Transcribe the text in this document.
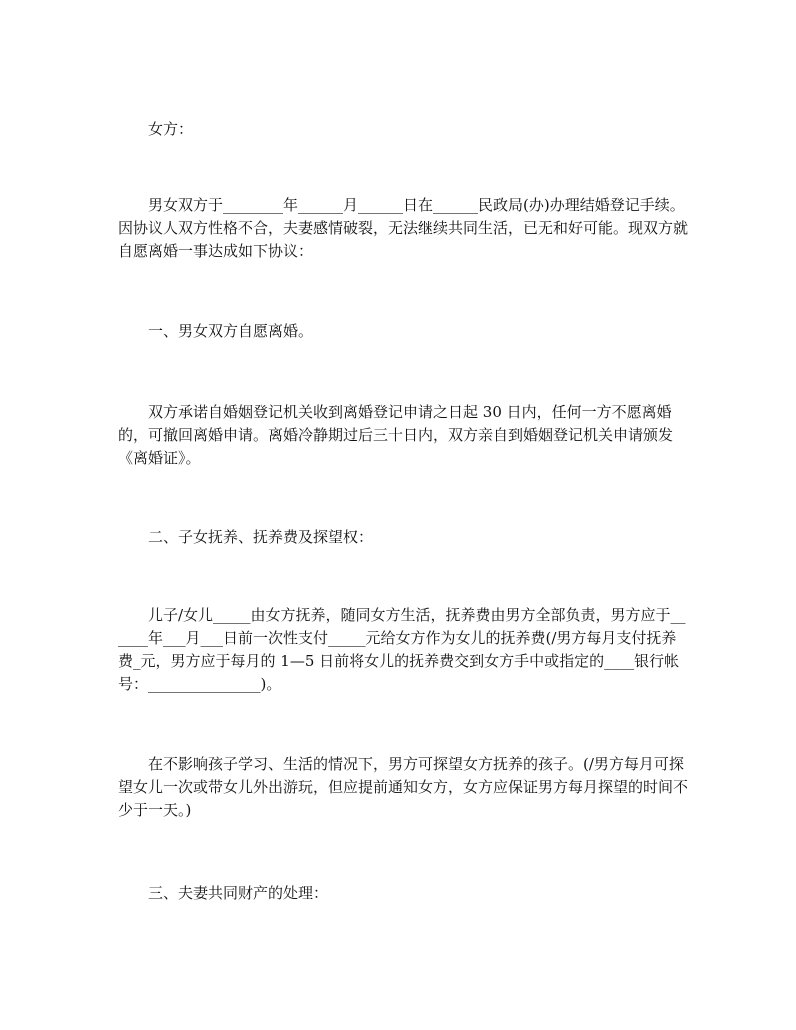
女方：

男女双方于________年______月______日在______民政局(办)办理结婚登记手续。因协议人双方性格不合，夫妻感情破裂，无法继续共同生活，已无和好可能。现双方就自愿离婚一事达成如下协议：

一、男女双方自愿离婚。

双方承诺自婚姻登记机关收到离婚登记申请之日起 30 日内，任何一方不愿离婚的，可撤回离婚申请。离婚冷静期过后三十日内，双方亲自到婚姻登记机关申请颁发《离婚证》。

二、子女抚养、抚养费及探望权：

儿子/女儿_____由女方抚养，随同女方生活，抚养费由男方全部负责，男方应于______年___月___日前一次性支付_____元给女方作为女儿的抚养费(/男方每月支付抚养费_元，男方应于每月的 1—5 日前将女儿的抚养费交到女方手中或指定的____银行帐号：_______________)。

在不影响孩子学习、生活的情况下，男方可探望女方抚养的孩子。(/男方每月可探望女儿一次或带女儿外出游玩，但应提前通知女方，女方应保证男方每月探望的时间不少于一天。)

三、夫妻共同财产的处理：
